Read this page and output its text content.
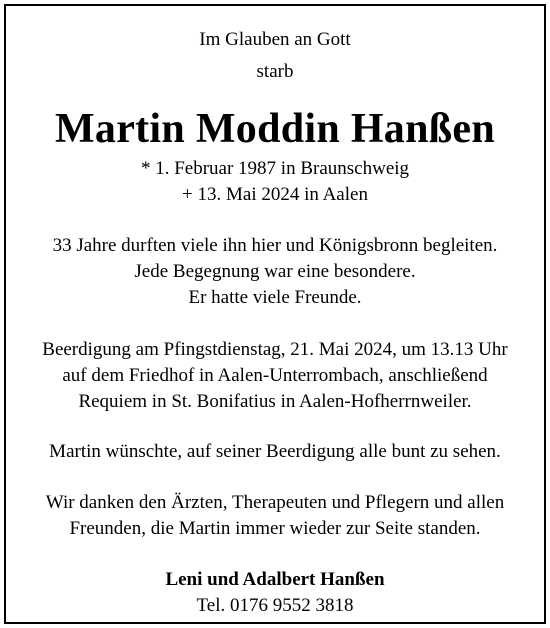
Im Glauben an Gott
starb
Martin Moddin Hanßen
* 1. Februar 1987 in Braunschweig
+ 13. Mai 2024 in Aalen
33 Jahre durften viele ihn hier und Königsbronn begleiten.
Jede Begegnung war eine besondere.
Er hatte viele Freunde.
Beerdigung am Pfingstdienstag, 21. Mai 2024, um 13.13 Uhr
auf dem Friedhof in Aalen-Unterrombach, anschließend
Requiem in St. Bonifatius in Aalen-Hofherrnweiler.
Martin wünschte, auf seiner Beerdigung alle bunt zu sehen.
Wir danken den Ärzten, Therapeuten und Pflegern und allen
Freunden, die Martin immer wieder zur Seite standen.
Leni und Adalbert Hanßen
Tel. 0176 9552 3818
